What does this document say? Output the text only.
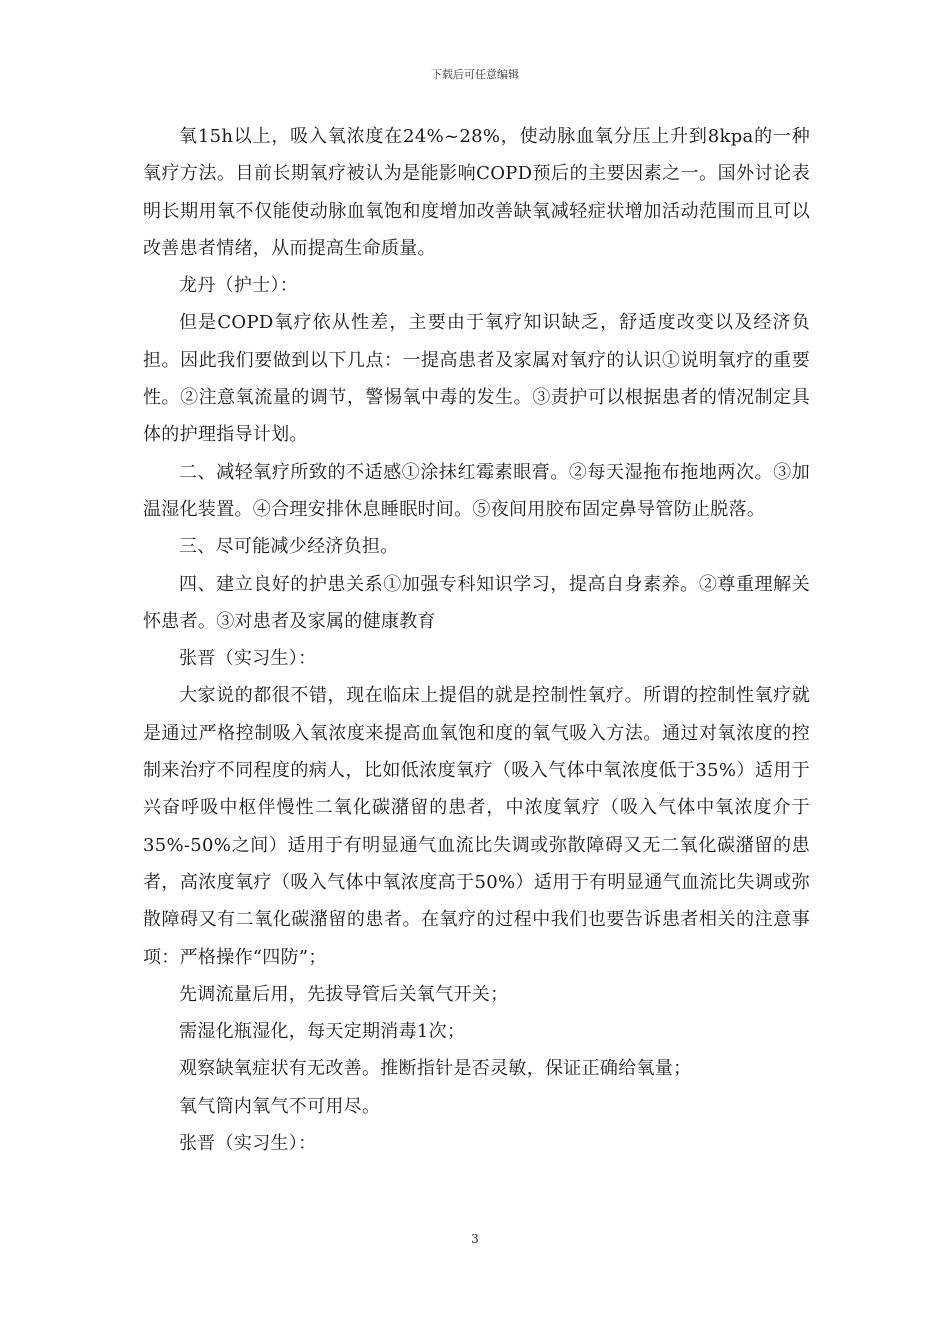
下载后可任意编辑

氧15h以上，吸入氧浓度在24%~28%，使动脉血氧分压上升到8kpa的一种氧疗方法。目前长期氧疗被认为是能影响COPD预后的主要因素之一。国外讨论表明长期用氧不仅能使动脉血氧饱和度增加改善缺氧减轻症状增加活动范围而且可以改善患者情绪，从而提高生命质量。

龙丹（护士）：

但是COPD氧疗依从性差，主要由于氧疗知识缺乏，舒适度改变以及经济负担。因此我们要做到以下几点：一提高患者及家属对氧疗的认识①说明氧疗的重要性。②注意氧流量的调节，警惕氧中毒的发生。③责护可以根据患者的情况制定具体的护理指导计划。

二、减轻氧疗所致的不适感①涂抹红霉素眼膏。②每天湿拖布拖地两次。③加温湿化装置。④合理安排休息睡眠时间。⑤夜间用胶布固定鼻导管防止脱落。

三、尽可能减少经济负担。

四、建立良好的护患关系①加强专科知识学习，提高自身素养。②尊重理解关怀患者。③对患者及家属的健康教育

张晋（实习生）：

大家说的都很不错，现在临床上提倡的就是控制性氧疗。所谓的控制性氧疗就是通过严格控制吸入氧浓度来提高血氧饱和度的氧气吸入方法。通过对氧浓度的控制来治疗不同程度的病人，比如低浓度氧疗（吸入气体中氧浓度低于35%）适用于兴奋呼吸中枢伴慢性二氧化碳潴留的患者，中浓度氧疗（吸入气体中氧浓度介于35%-50%之间）适用于有明显通气血流比失调或弥散障碍又无二氧化碳潴留的患者，高浓度氧疗（吸入气体中氧浓度高于50%）适用于有明显通气血流比失调或弥散障碍又有二氧化碳潴留的患者。在氧疗的过程中我们也要告诉患者相关的注意事项：严格操作“四防”；

先调流量后用，先拔导管后关氧气开关；

需湿化瓶湿化，每天定期消毒1次；

观察缺氧症状有无改善。推断指针是否灵敏，保证正确给氧量；

氧气筒内氧气不可用尽。

张晋（实习生）：

3
